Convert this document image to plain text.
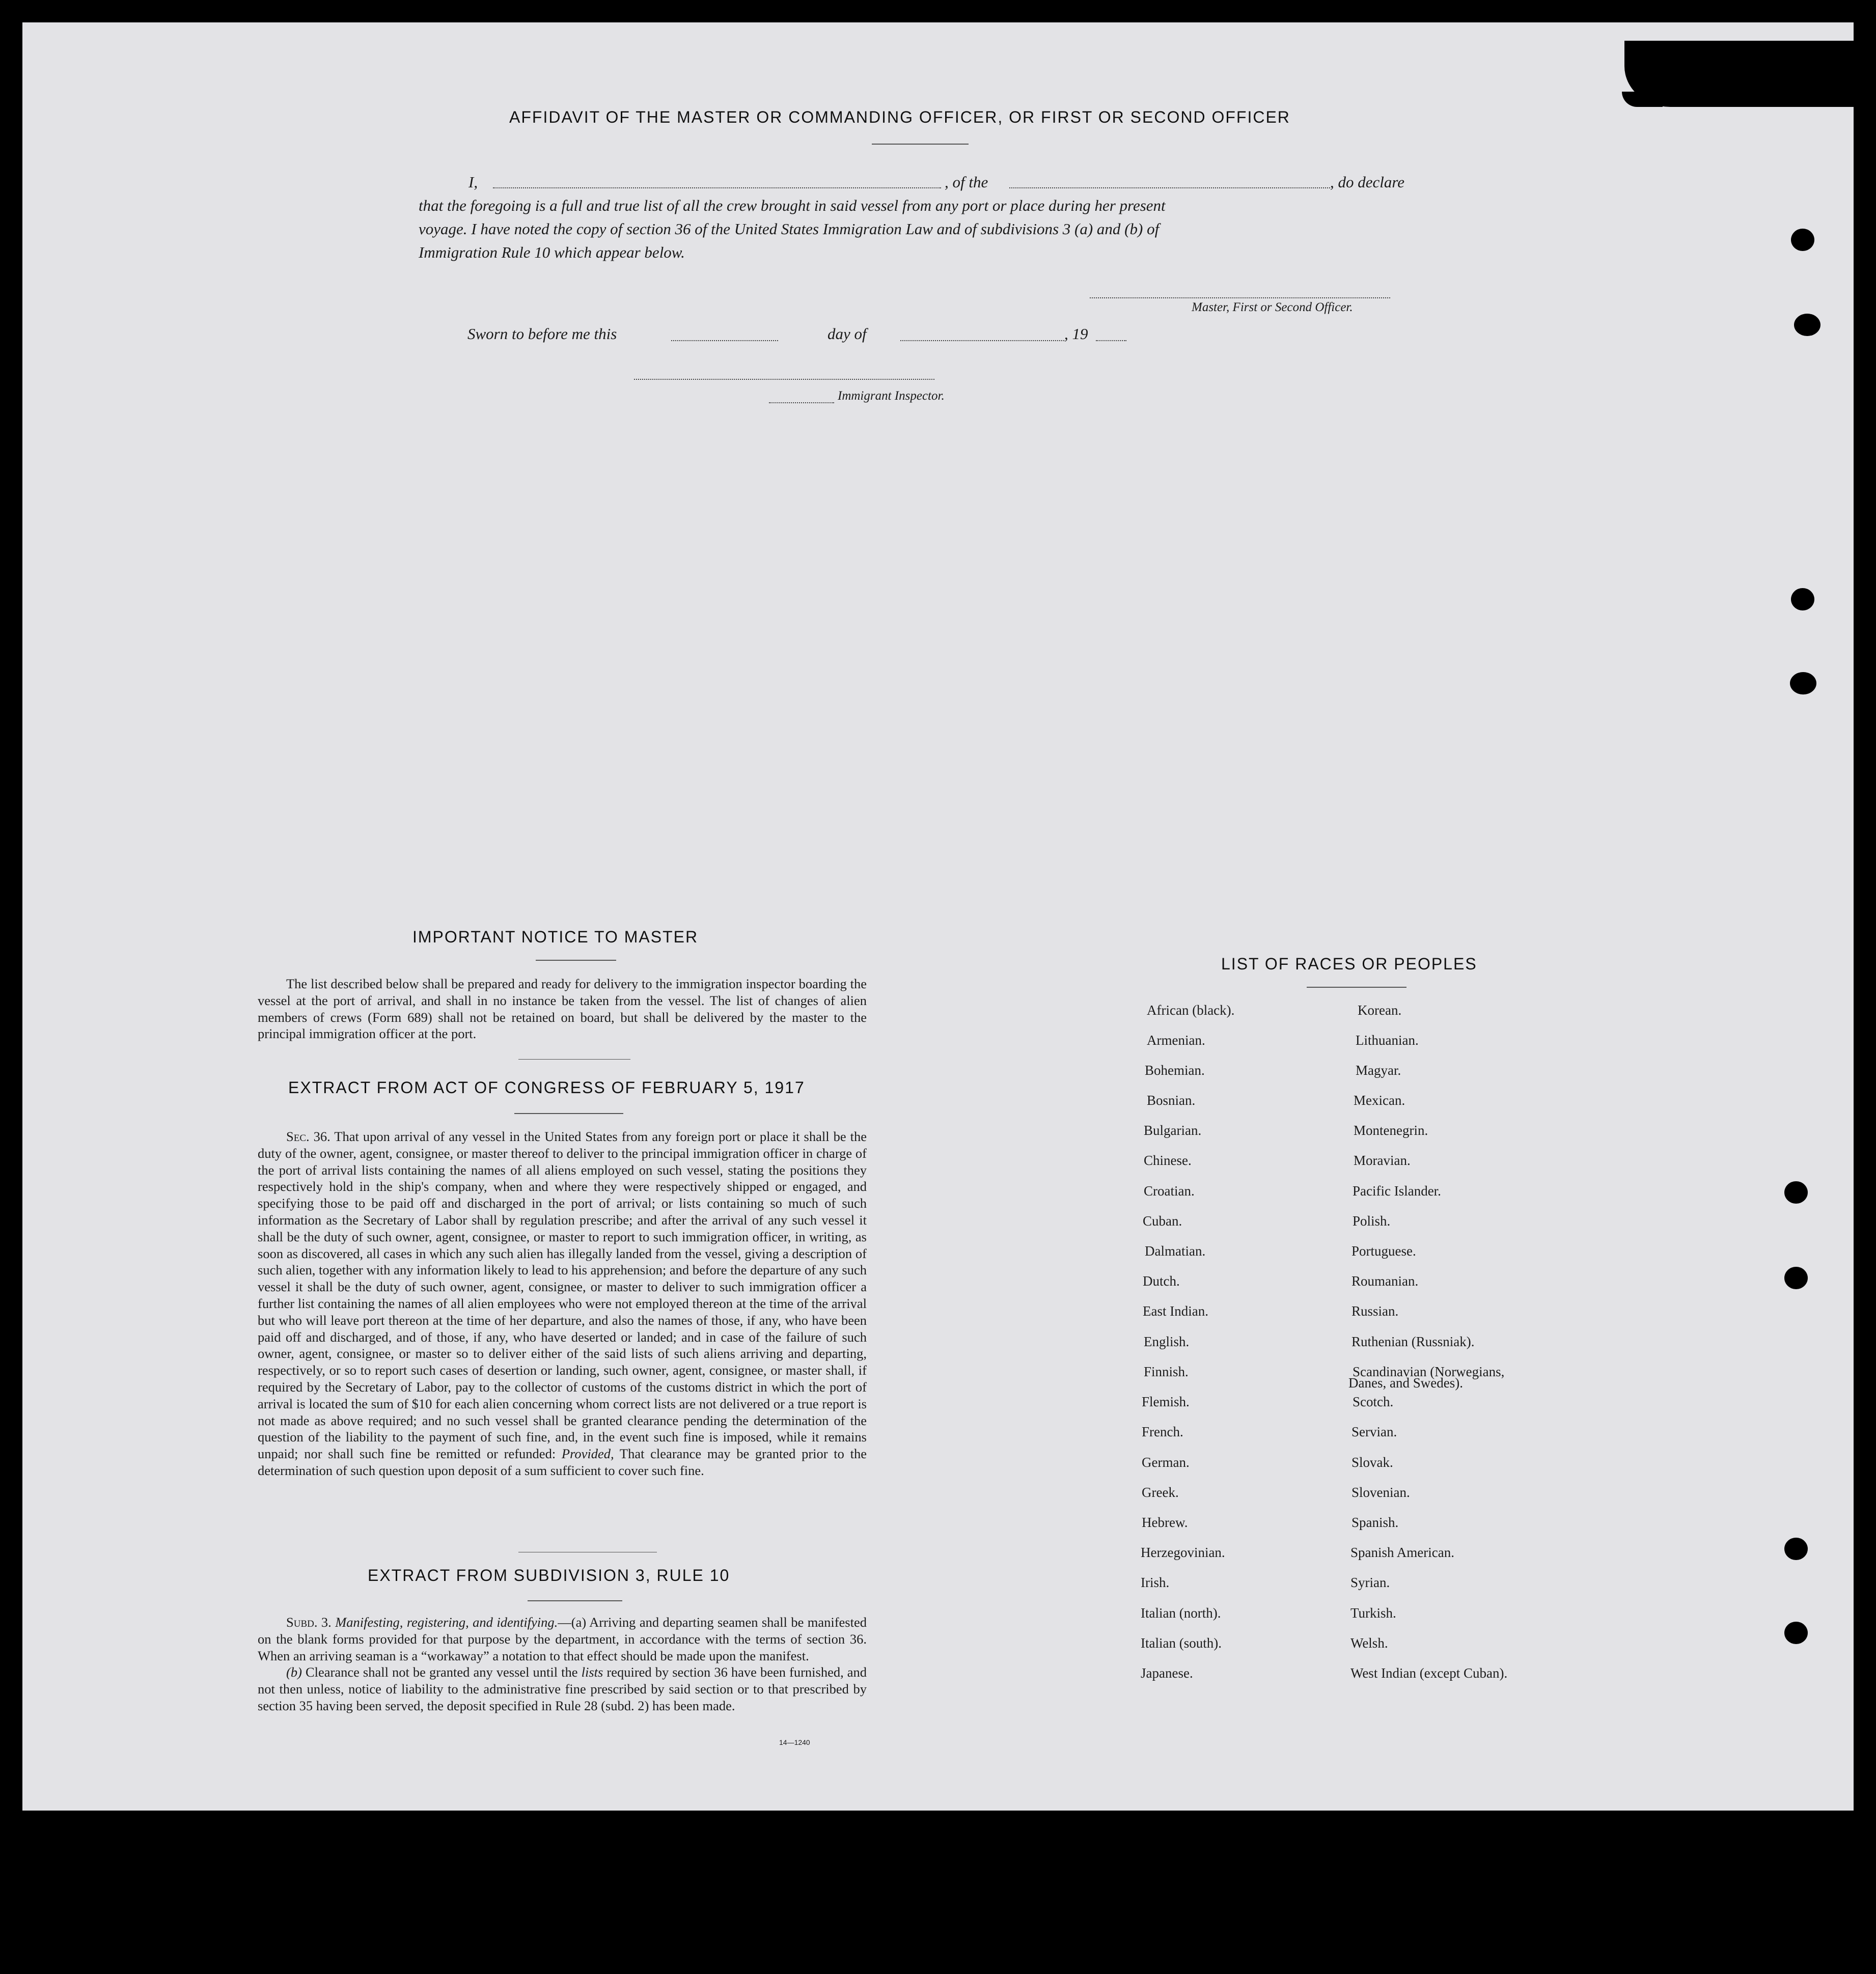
AFFIDAVIT OF THE MASTER OR COMMANDING OFFICER, OR FIRST OR SECOND OFFICER
I,	, of the	, do declare
that the foregoing is a full and true list of all the crew brought in said vessel from any port or place during her present
voyage. I have noted the copy of section 36 of the United States Immigration Law and of subdivisions 3 (a) and (b) of
Immigration Rule 10 which appear below.
Master, First or Second Officer.
Sworn to before me this	day of	, 19
Immigrant Inspector.
IMPORTANT NOTICE TO MASTER

The list described below shall be prepared and ready for delivery to the immigration inspector boarding the vessel at the port of arrival, and shall in no instance be taken from the vessel. The list of changes of alien members of crews (Form 689) shall not be retained on board, but shall be delivered by the master to the principal immigration officer at the port.

EXTRACT FROM ACT OF CONGRESS OF FEBRUARY 5, 1917

Sec. 36. That upon arrival of any vessel in the United States from any foreign port or place it shall be the duty of the owner, agent, consignee, or master thereof to deliver to the principal immigration officer in charge of the port of arrival lists containing the names of all aliens employed on such vessel, stating the positions they respectively hold in the ship's company, when and where they were respectively shipped or engaged, and specifying those to be paid off and discharged in the port of arrival; or lists containing so much of such information as the Secretary of Labor shall by regulation prescribe; and after the arrival of any such vessel it shall be the duty of such owner, agent, consignee, or master to report to such immigration officer, in writing, as soon as discovered, all cases in which any such alien has illegally landed from the vessel, giving a description of such alien, together with any information likely to lead to his apprehension; and before the departure of any such vessel it shall be the duty of such owner, agent, consignee, or master to deliver to such immigration officer a further list containing the names of all alien employees who were not employed thereon at the time of the arrival but who will leave port thereon at the time of her departure, and also the names of those, if any, who have been paid off and discharged, and of those, if any, who have deserted or landed; and in case of the failure of such owner, agent, consignee, or master so to deliver either of the said lists of such aliens arriving and departing, respectively, or so to report such cases of desertion or landing, such owner, agent, consignee, or master shall, if required by the Secretary of Labor, pay to the collector of customs of the customs district in which the port of arrival is located the sum of $10 for each alien concerning whom correct lists are not delivered or a true report is not made as above required; and no such vessel shall be granted clearance pending the determination of the question of the liability to the payment of such fine, and, in the event such fine is imposed, while it remains unpaid; nor shall such fine be remitted or refunded: Provided, That clearance may be granted prior to the determination of such question upon deposit of a sum sufficient to cover such fine.

EXTRACT FROM SUBDIVISION 3, RULE 10

Subd. 3. Manifesting, registering, and identifying.—(a) Arriving and departing seamen shall be manifested on the blank forms provided for that purpose by the department, in accordance with the terms of section 36. When an arriving seaman is a “workaway” a notation to that effect should be made upon the manifest.

(b) Clearance shall not be granted any vessel until the lists required by section 36 have been furnished, and not then unless, notice of liability to the administrative fine prescribed by said section or to that prescribed by section 35 having been served, the deposit specified in Rule 28 (subd. 2) has been made.

14—1240
LIST OF RACES OR PEOPLES
African (black).
Armenian.
Bohemian.
Bosnian.
Bulgarian.
Chinese.
Croatian.
Cuban.
Dalmatian.
Dutch.
East Indian.
English.
Finnish.
Flemish.
French.
German.
Greek.
Hebrew.
Herzegovinian.
Irish.
Italian (north).
Italian (south).
Japanese.
Korean.
Lithuanian.
Magyar.
Mexican.
Montenegrin.
Moravian.
Pacific Islander.
Polish.
Portuguese.
Roumanian.
Russian.
Ruthenian (Russniak).
Scandinavian (Norwegians,
Scotch.
Servian.
Slovak.
Slovenian.
Spanish.
Spanish American.
Syrian.
Turkish.
Welsh.
West Indian (except Cuban).
Danes, and Swedes).
